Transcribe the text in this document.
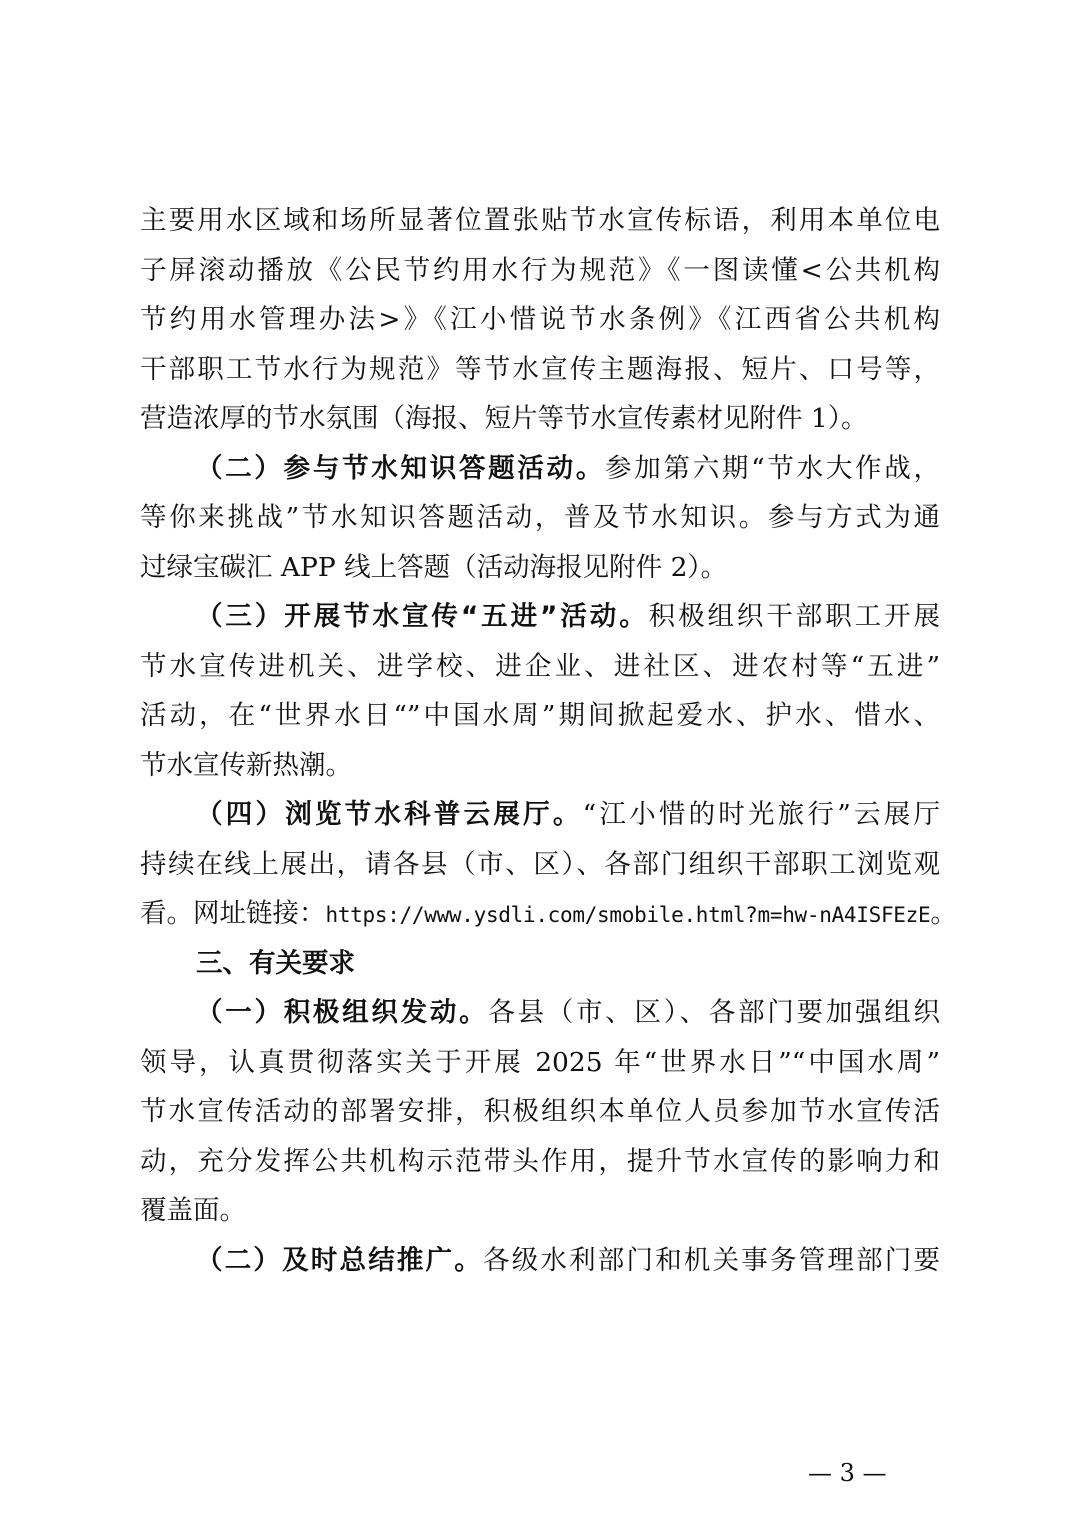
主要用水区域和场所显著位置张贴节水宣传标语，利用本单位电
子屏滚动播放《公民节约用水行为规范》《一图读懂<公共机构
节约用水管理办法>》《江小惜说节水条例》《江西省公共机构
干部职工节水行为规范》等节水宣传主题海报、短片、口号等，
营造浓厚的节水氛围（海报、短片等节水宣传素材见附件 1）。
（二）参与节水知识答题活动。参加第六期“节水大作战，
等你来挑战”节水知识答题活动，普及节水知识。参与方式为通
过绿宝碳汇 APP 线上答题（活动海报见附件 2）。
（三）开展节水宣传“五进”活动。积极组织干部职工开展
节水宣传进机关、进学校、进企业、进社区、进农村等“五进”
活动，在“世界水日“”中国水周”期间掀起爱水、护水、惜水、
节水宣传新热潮。
（四）浏览节水科普云展厅。“江小惜的时光旅行”云展厅
持续在线上展出，请各县（市、区）、各部门组织干部职工浏览观
看。网址链接：https://www.ysdli.com/smobile.html?m=hw-nA4ISFEzE。
三、有关要求
（一）积极组织发动。各县（市、区）、各部门要加强组织
领导，认真贯彻落实关于开展 2025 年“世界水日”“中国水周”
节水宣传活动的部署安排，积极组织本单位人员参加节水宣传活
动，充分发挥公共机构示范带头作用，提升节水宣传的影响力和
覆盖面。
（二）及时总结推广。各级水利部门和机关事务管理部门要
— 3 —
